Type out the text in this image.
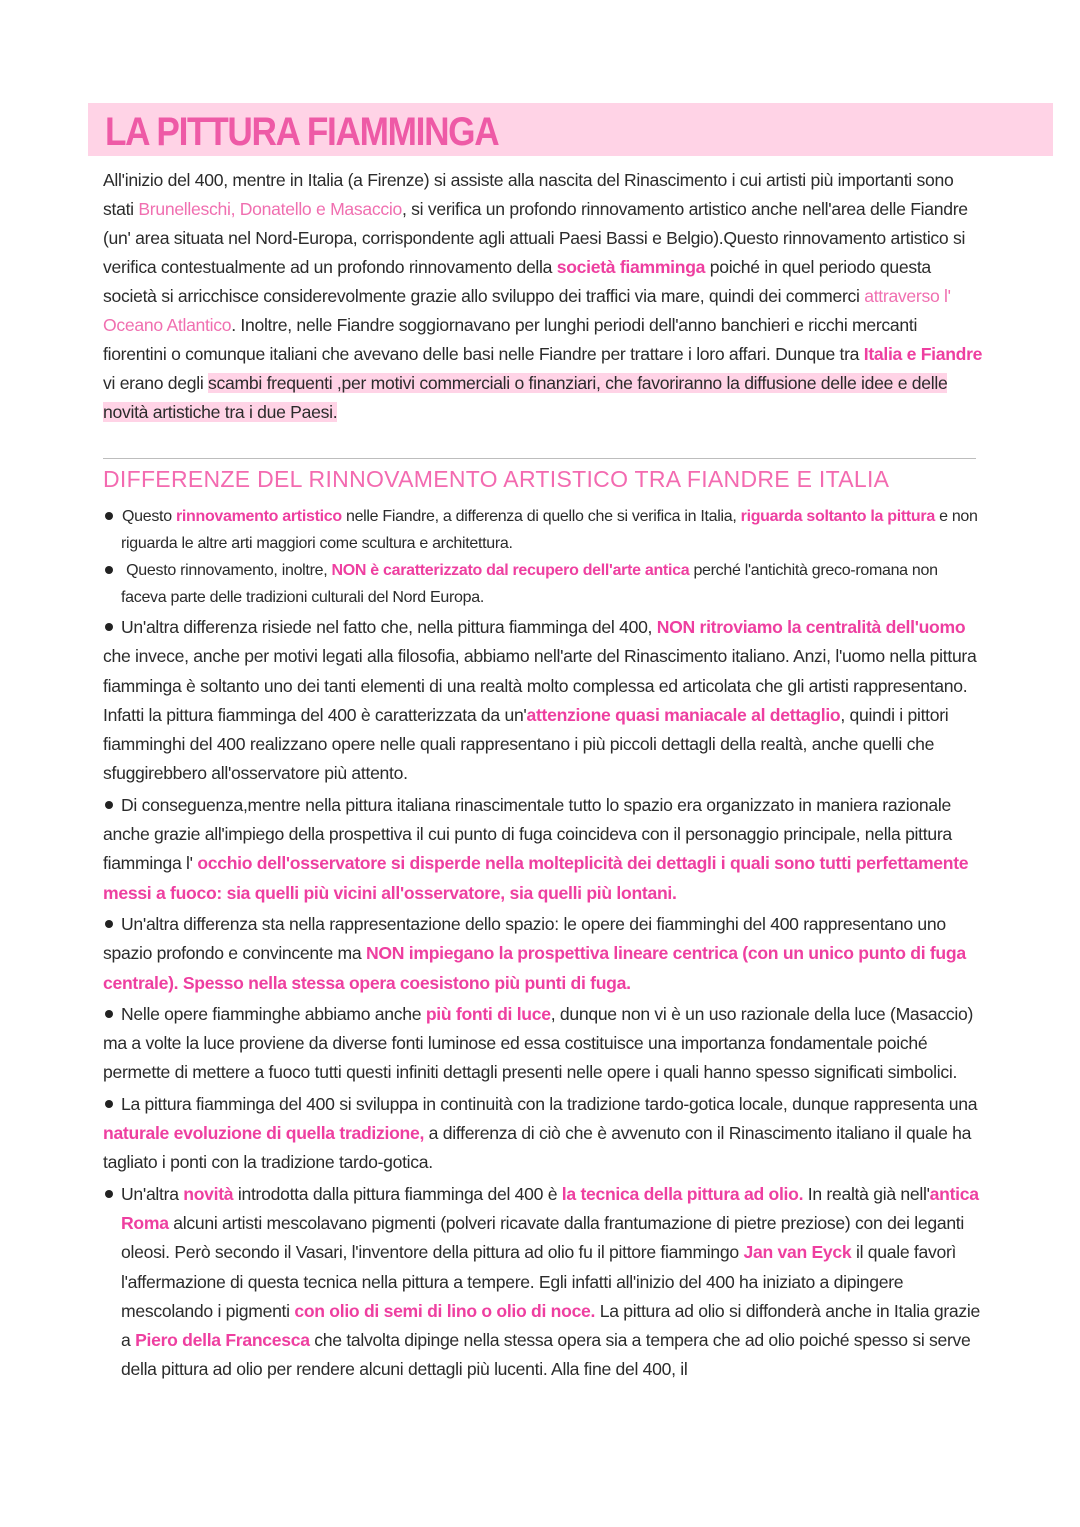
LA PITTURA FIAMMINGA

All'inizio del 400, mentre in Italia (a Firenze) si assiste alla nascita del Rinascimento i cui artisti più importanti sono stati Brunelleschi, Donatello e Masaccio, si verifica un profondo rinnovamento artistico anche nell'area delle Fiandre (un' area situata nel Nord-Europa, corrispondente agli attuali Paesi Bassi e Belgio).Questo rinnovamento artistico si verifica contestualmente ad un profondo rinnovamento della società fiamminga poiché in quel periodo questa società si arricchisce considerevolmente grazie allo sviluppo dei traffici via mare, quindi dei commerci attraverso l' Oceano Atlantico. Inoltre, nelle Fiandre soggiornavano per lunghi periodi dell'anno banchieri e ricchi mercanti fiorentini o comunque italiani che avevano delle basi nelle Fiandre per trattare i loro affari. Dunque tra Italia e Fiandre vi erano degli scambi frequenti ,per motivi commerciali o finanziari, che favoriranno la diffusione delle idee e delle novità artistiche tra i due Paesi.

DIFFERENZE DEL RINNOVAMENTO ARTISTICO TRA FIANDRE E ITALIA
Questo rinnovamento artistico nelle Fiandre, a differenza di quello che si verifica in Italia, riguarda soltanto la pittura e non riguarda le altre arti maggiori come scultura e architettura.
Questo rinnovamento, inoltre, NON è caratterizzato dal recupero dell'arte antica perché l'antichità greco-romana non faceva parte delle tradizioni culturali del Nord Europa.
Un'altra differenza risiede nel fatto che, nella pittura fiamminga del 400, NON ritroviamo la centralità dell'uomo che invece, anche per motivi legati alla filosofia, abbiamo nell'arte del Rinascimento italiano. Anzi, l'uomo nella pittura fiamminga è soltanto uno dei tanti elementi di una realtà molto complessa ed articolata che gli artisti rappresentano. Infatti la pittura fiamminga del 400 è caratterizzata da un'attenzione quasi maniacale al dettaglio, quindi i pittori fiamminghi del 400 realizzano opere nelle quali rappresentano i più piccoli dettagli della realtà, anche quelli che sfuggirebbero all'osservatore più attento.
Di conseguenza,mentre nella pittura italiana rinascimentale tutto lo spazio era organizzato in maniera razionale anche grazie all'impiego della prospettiva il cui punto di fuga coincideva con il personaggio principale, nella pittura fiamminga l' occhio dell'osservatore si disperde nella molteplicità dei dettagli i quali sono tutti perfettamente messi a fuoco: sia quelli più vicini all'osservatore, sia quelli più lontani.
Un'altra differenza sta nella rappresentazione dello spazio: le opere dei fiamminghi del 400 rappresentano uno spazio profondo e convincente ma NON impiegano la prospettiva lineare centrica (con un unico punto di fuga centrale). Spesso nella stessa opera coesistono più punti di fuga.
Nelle opere fiamminghe abbiamo anche più fonti di luce, dunque non vi è un uso razionale della luce (Masaccio) ma a volte la luce proviene da diverse fonti luminose ed essa costituisce una importanza fondamentale poiché permette di mettere a fuoco tutti questi infiniti dettagli presenti nelle opere i quali hanno spesso significati simbolici.
La pittura fiamminga del 400 si sviluppa in continuità con la tradizione tardo-gotica locale, dunque rappresenta una naturale evoluzione di quella tradizione, a differenza di ciò che è avvenuto con il Rinascimento italiano il quale ha tagliato i ponti con la tradizione tardo-gotica.
Un'altra novità introdotta dalla pittura fiamminga del 400 è la tecnica della pittura ad olio. In realtà già nell'antica Roma alcuni artisti mescolavano pigmenti (polveri ricavate dalla frantumazione di pietre preziose) con dei leganti oleosi. Però secondo il Vasari, l'inventore della pittura ad olio fu il pittore fiammingo Jan van Eyck il quale favorì l'affermazione di questa tecnica nella pittura a tempere. Egli infatti all'inizio del 400 ha iniziato a dipingere mescolando i pigmenti con olio di semi di lino o olio di noce. La pittura ad olio si diffonderà anche in Italia grazie a Piero della Francesca che talvolta dipinge nella stessa opera sia a tempera che ad olio poiché spesso si serve della pittura ad olio per rendere alcuni dettagli più lucenti. Alla fine del 400, il
